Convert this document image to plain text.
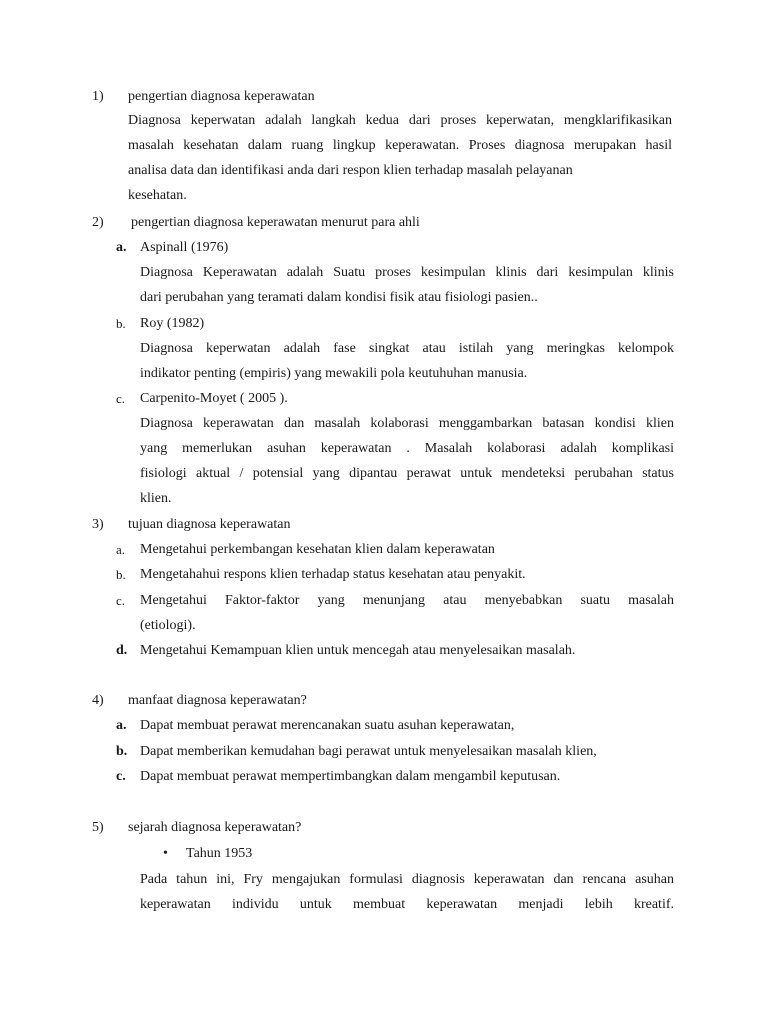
1) pengertian diagnosa keperawatan
Diagnosa keperwatan adalah langkah kedua dari proses keperwatan, mengklarifikasikan
masalah kesehatan dalam ruang lingkup keperawatan. Proses diagnosa merupakan hasil
analisa data dan identifikasi anda dari respon klien terhadap masalah pelayanan
kesehatan.
2) pengertian diagnosa keperawatan menurut para ahli
a. Aspinall (1976)
Diagnosa Keperawatan adalah Suatu proses kesimpulan klinis dari kesimpulan klinis
dari perubahan yang teramati dalam kondisi fisik atau fisiologi pasien..
b. Roy (1982)
Diagnosa keperwatan adalah fase singkat atau istilah yang meringkas kelompok
indikator penting (empiris) yang mewakili pola keutuhuhan manusia.
c. Carpenito-Moyet ( 2005 ).
Diagnosa keperawatan dan masalah kolaborasi menggambarkan batasan kondisi klien
yang memerlukan asuhan keperawatan . Masalah kolaborasi adalah komplikasi
fisiologi aktual / potensial yang dipantau perawat untuk mendeteksi perubahan status
klien.
3) tujuan diagnosa keperawatan
a. Mengetahui perkembangan kesehatan klien dalam keperawatan
b. Mengetahahui respons klien terhadap status kesehatan atau penyakit.
c. Mengetahui Faktor-faktor yang menunjang atau menyebabkan suatu masalah
(etiologi).
d. Mengetahui Kemampuan klien untuk mencegah atau menyelesaikan masalah.
4) manfaat diagnosa keperawatan?
a. Dapat membuat perawat merencanakan suatu asuhan keperawatan,
b. Dapat memberikan kemudahan bagi perawat untuk menyelesaikan masalah klien,
c. Dapat membuat perawat mempertimbangkan dalam mengambil keputusan.
5) sejarah diagnosa keperawatan?
• Tahun 1953
Pada tahun ini, Fry mengajukan formulasi diagnosis keperawatan dan rencana asuhan
keperawatan individu untuk membuat keperawatan menjadi lebih kreatif.
